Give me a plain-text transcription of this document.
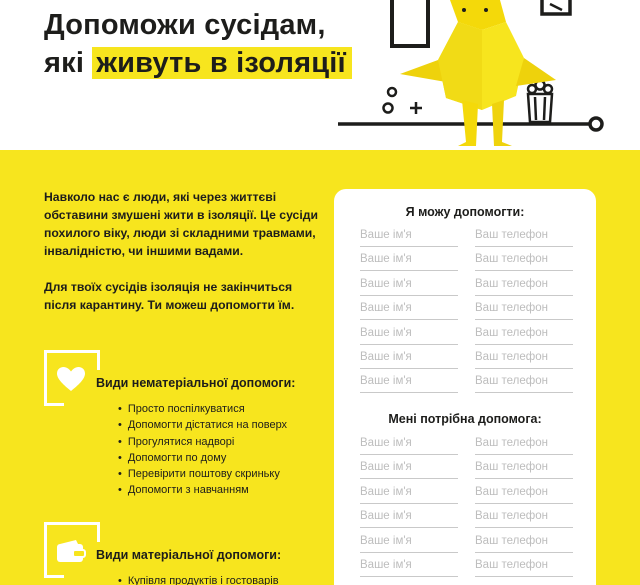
Допоможи сусідам,
які живуть в ізоляції

Навколо нас є люди, які через життєві обставини змушені жити в ізоляції. Це сусіди похилого віку, люди зі складними травмами, інвалідністю, чи іншими вадами.

Для твоїх сусідів ізоляція не закінчиться після карантину. Ти можеш допомогти їм.

Види нематеріальної допомоги:
• Просто поспілкуватися
• Допомогти дістатися на поверх
• Прогулятися надворі
• Допомогти по дому
• Перевірити поштову скриньку
• Допомогти з навчанням
Види матеріальної допомоги:
• Купівля продуктів і гостоварів
Я можу допомогти:
Ваше ім'я	Ваш телефон
Ваше ім'я	Ваш телефон
Ваше ім'я	Ваш телефон
Ваше ім'я	Ваш телефон
Ваше ім'я	Ваш телефон
Ваше ім'я	Ваш телефон
Ваше ім'я	Ваш телефон
Мені потрібна допомога:
Ваше ім'я	Ваш телефон
Ваше ім'я	Ваш телефон
Ваше ім'я	Ваш телефон
Ваше ім'я	Ваш телефон
Ваше ім'я	Ваш телефон
Ваше ім'я	Ваш телефон
